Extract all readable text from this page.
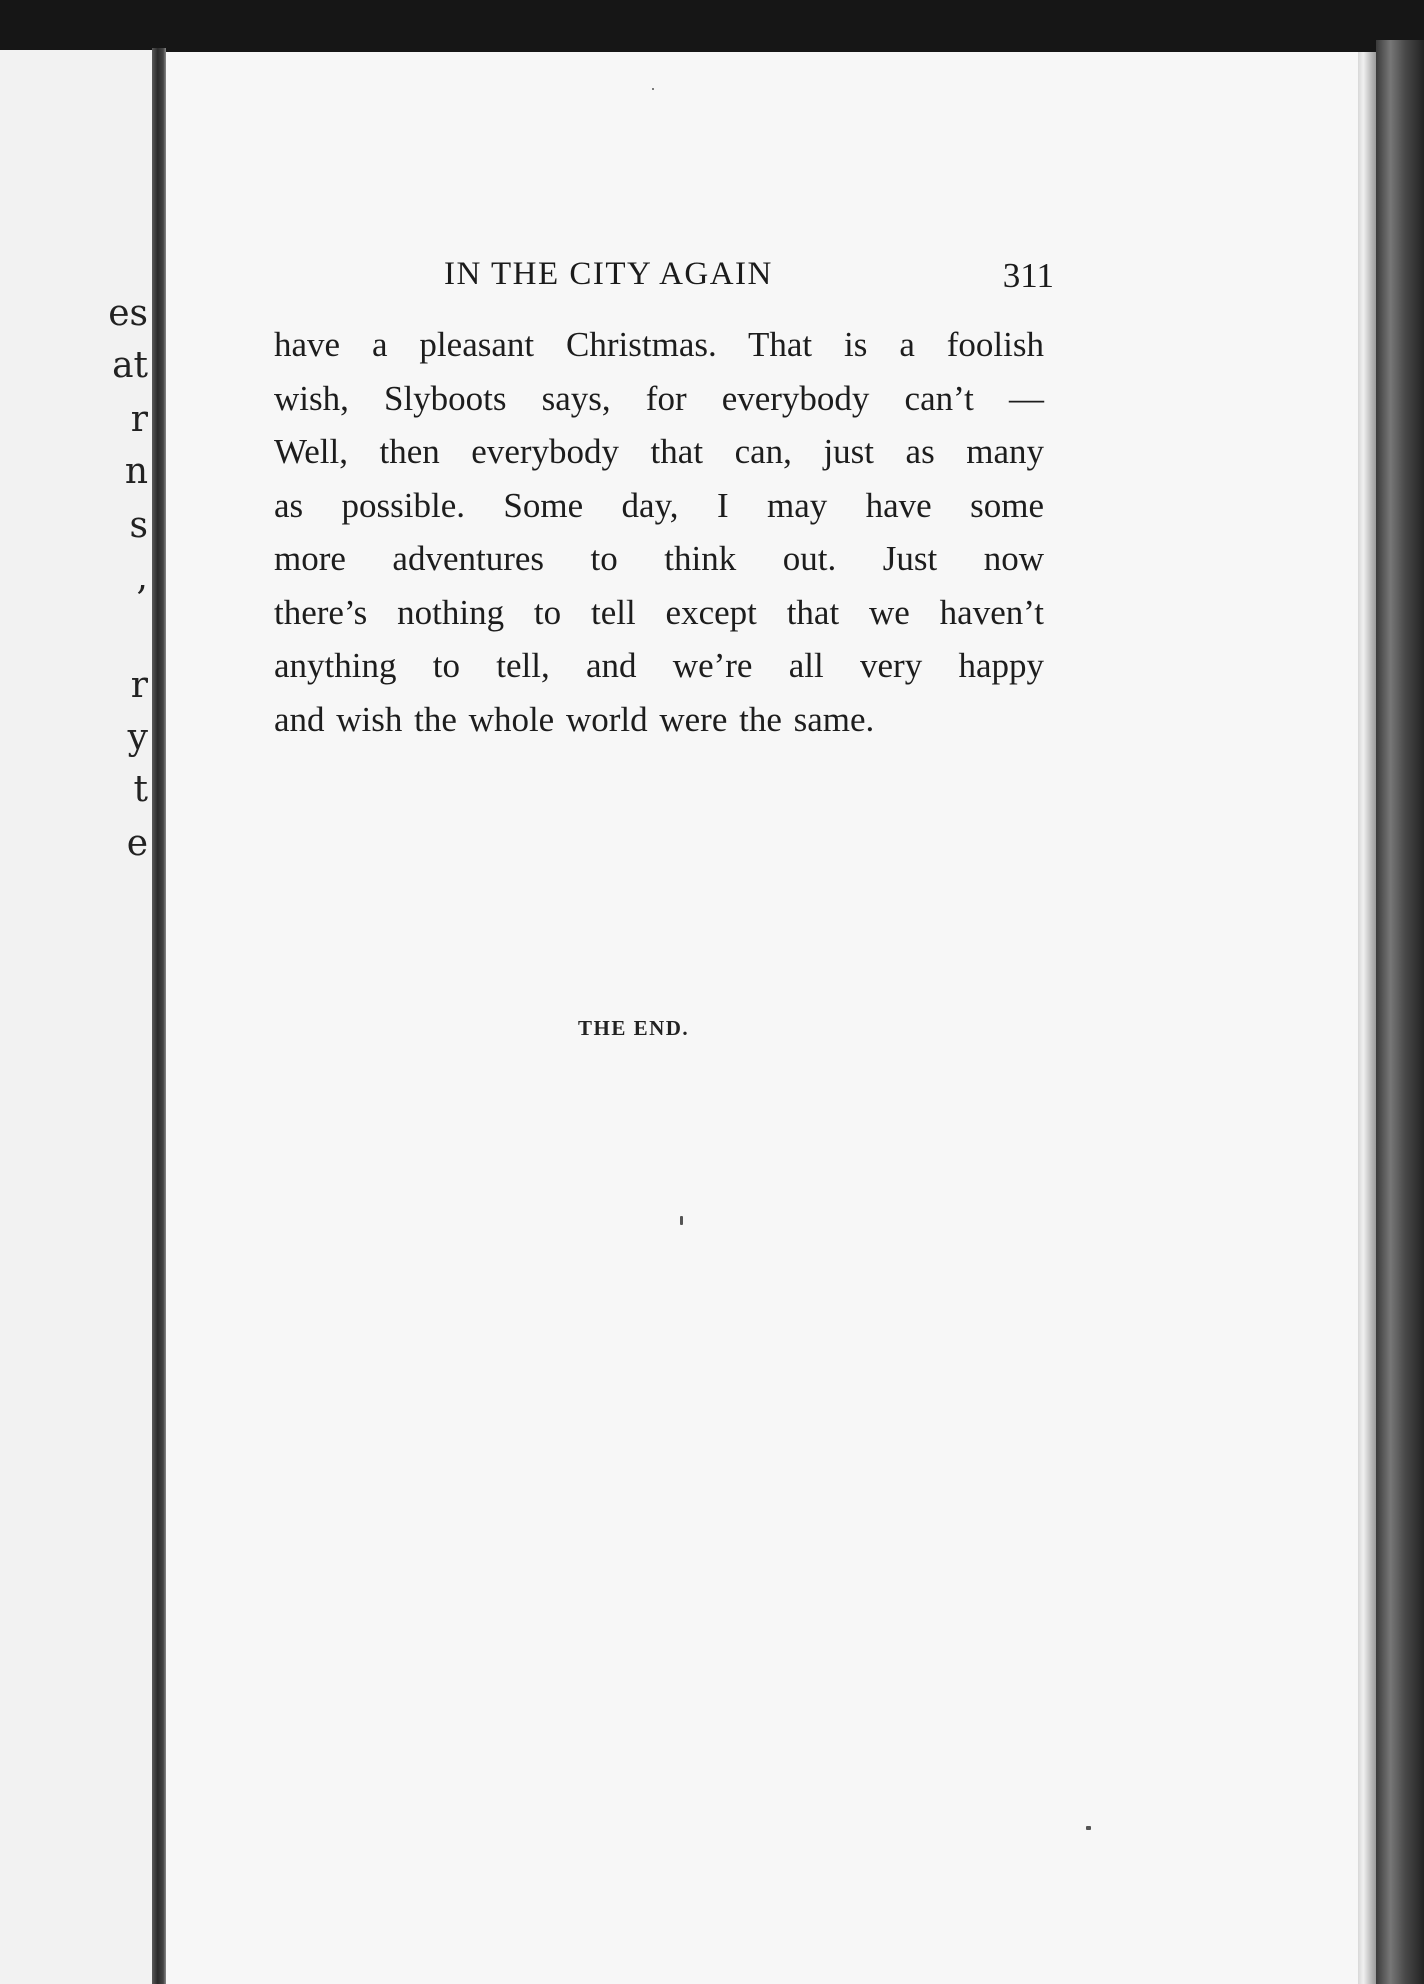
es
at
r
n
s
,
r
y
t
e
IN THE CITY AGAIN	311
have a pleasant Christmas. That is a foolish
wish, Slyboots says, for everybody can’t —
Well, then everybody that can, just as many
as possible. Some day, I may have some
more adventures to think out. Just now
there’s nothing to tell except that we haven’t
anything to tell, and we’re all very happy
and wish the whole world were the same.
THE END.
